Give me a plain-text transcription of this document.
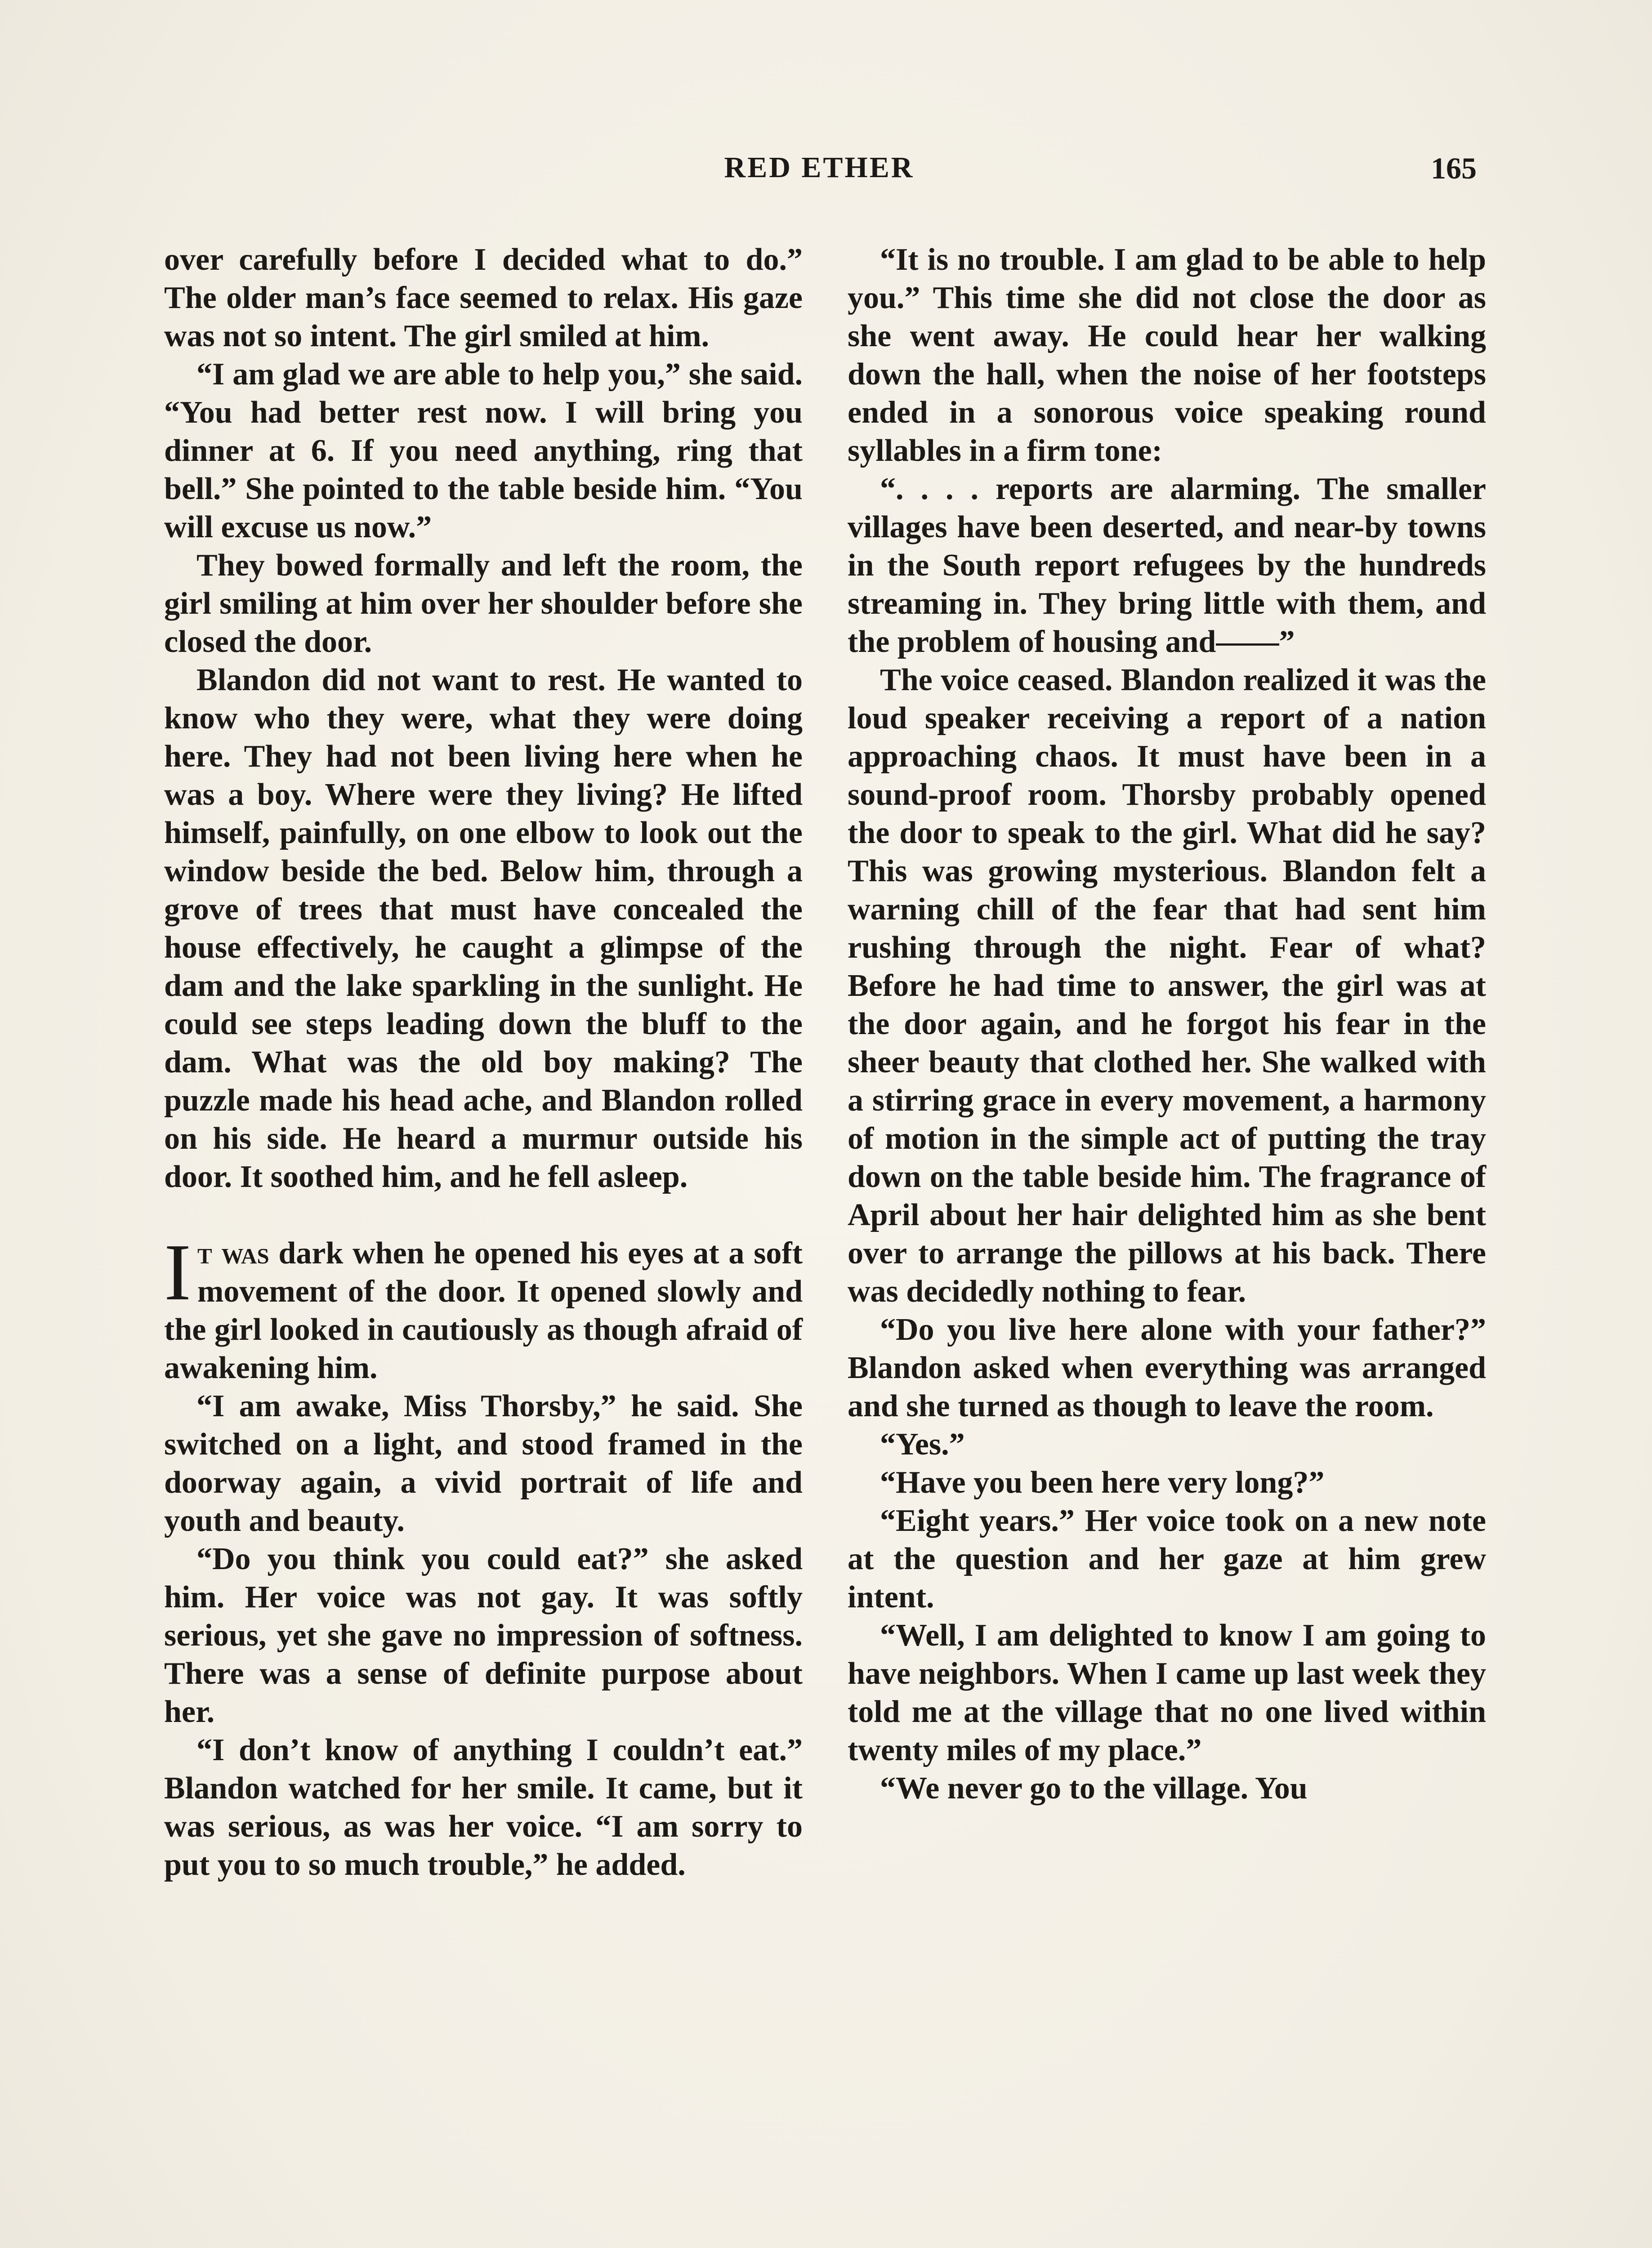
RED ETHER	165

over carefully before I decided what to do.” The older man’s face seemed to relax. His gaze was not so intent. The girl smiled at him.

“I am glad we are able to help you,” she said. “You had better rest now. I will bring you dinner at 6. If you need anything, ring that bell.” She pointed to the table beside him. “You will excuse us now.”

They bowed formally and left the room, the girl smiling at him over her shoulder before she closed the door.

Blandon did not want to rest. He wanted to know who they were, what they were doing here. They had not been living here when he was a boy. Where were they living? He lifted himself, painfully, on one elbow to look out the window beside the bed. Below him, through a grove of trees that must have concealed the house effectively, he caught a glimpse of the dam and the lake sparkling in the sunlight. He could see steps leading down the bluff to the dam. What was the old boy making? The puzzle made his head ache, and Blandon rolled on his side. He heard a murmur outside his door. It soothed him, and he fell asleep.

It was dark when he opened his eyes at a soft movement of the door. It opened slowly and the girl looked in cautiously as though afraid of awakening him.

“I am awake, Miss Thorsby,” he said. She switched on a light, and stood framed in the doorway again, a vivid portrait of life and youth and beauty.

“Do you think you could eat?” she asked him. Her voice was not gay. It was softly serious, yet she gave no impression of softness. There was a sense of definite purpose about her.

“I don’t know of anything I couldn’t eat.” Blandon watched for her smile. It came, but it was serious, as was her voice. “I am sorry to put you to so much trouble,” he added.

“It is no trouble. I am glad to be able to help you.” This time she did not close the door as she went away. He could hear her walking down the hall, when the noise of her footsteps ended in a sonorous voice speaking round syllables in a firm tone:

“. . . . reports are alarming. The smaller villages have been deserted, and near-by towns in the South report refugees by the hundreds streaming in. They bring little with them, and the problem of housing and——”

The voice ceased. Blandon realized it was the loud speaker receiving a report of a nation approaching chaos. It must have been in a sound-proof room. Thorsby probably opened the door to speak to the girl. What did he say? This was growing mysterious. Blandon felt a warning chill of the fear that had sent him rushing through the night. Fear of what? Before he had time to answer, the girl was at the door again, and he forgot his fear in the sheer beauty that clothed her. She walked with a stirring grace in every movement, a harmony of motion in the simple act of putting the tray down on the table beside him. The fragrance of April about her hair delighted him as she bent over to arrange the pillows at his back. There was decidedly nothing to fear.

“Do you live here alone with your father?” Blandon asked when everything was arranged and she turned as though to leave the room.

“Yes.”

“Have you been here very long?”

“Eight years.” Her voice took on a new note at the question and her gaze at him grew intent.

“Well, I am delighted to know I am going to have neighbors. When I came up last week they told me at the village that no one lived within twenty miles of my place.”

“We never go to the village. You
